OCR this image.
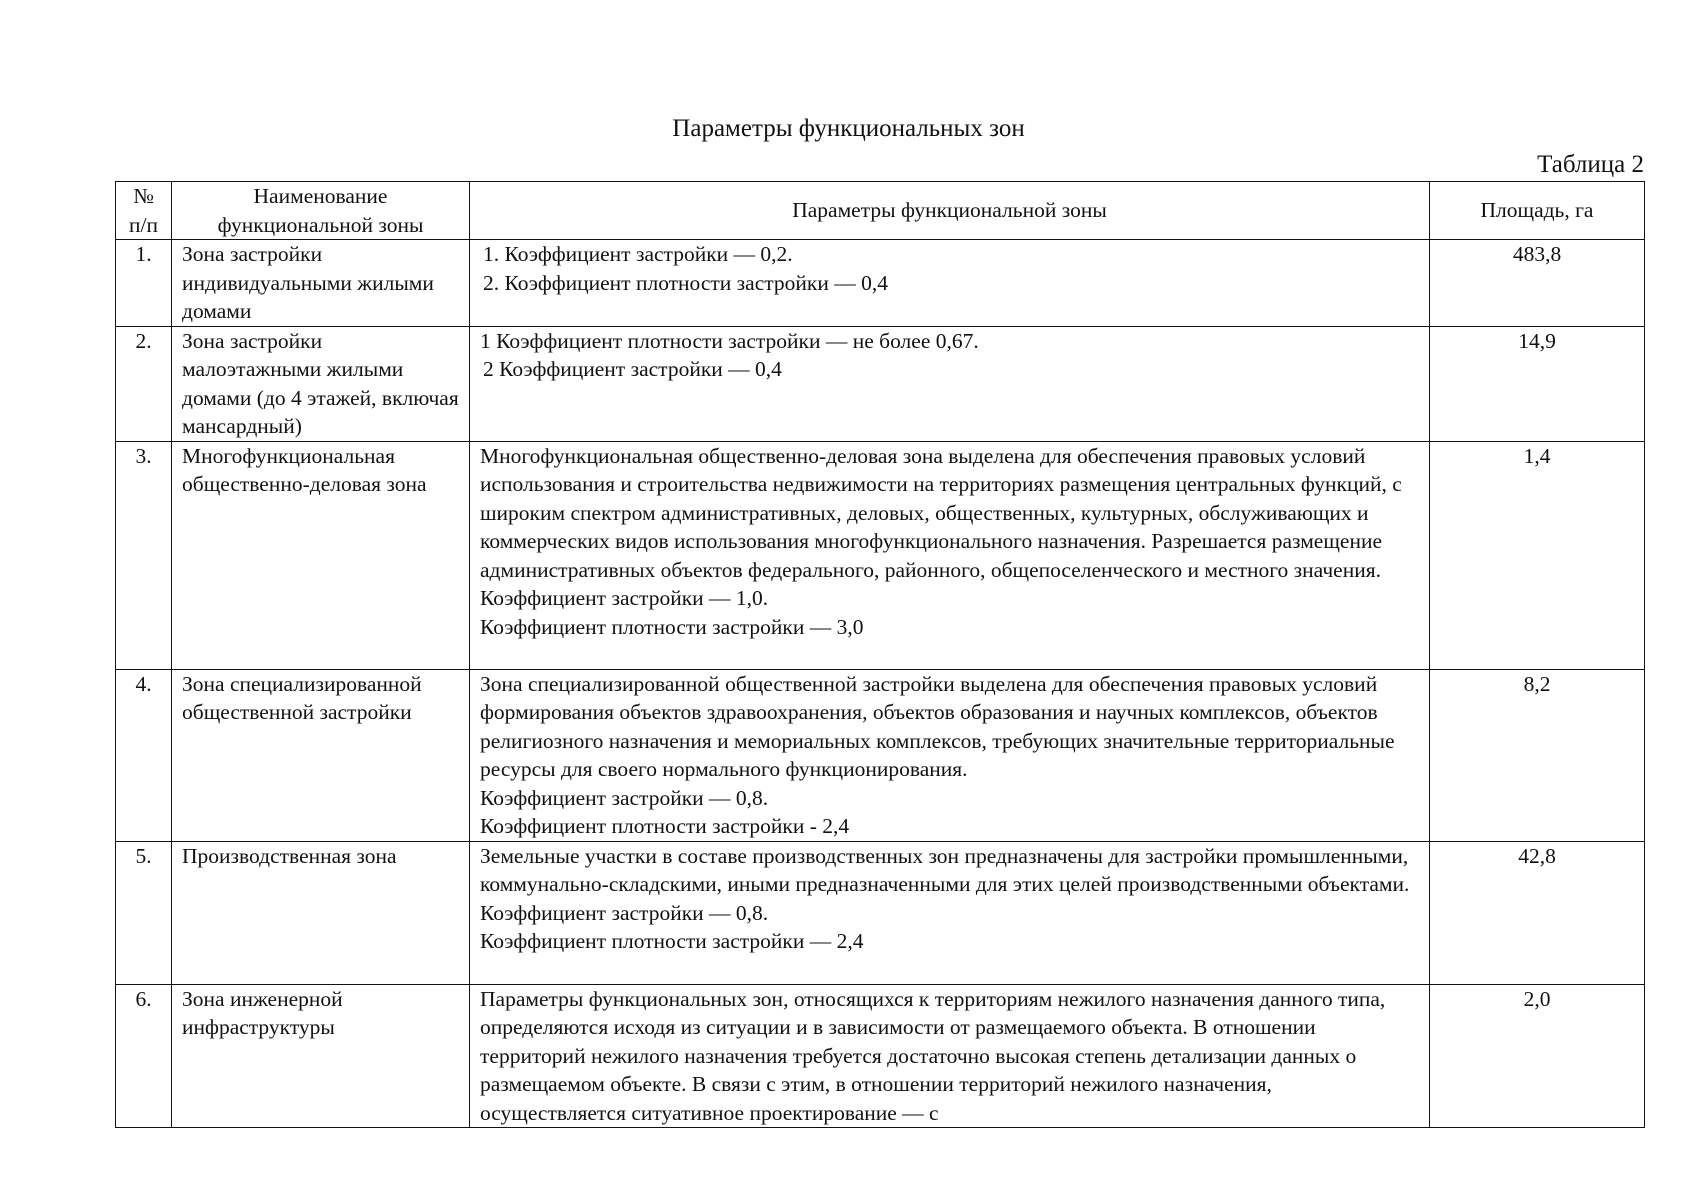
Параметры функциональных зон
Таблица 2
№
п/п	Наименование
функциональной зоны	Параметры функциональной зоны	Площадь, га
1.	Зона застройки индивидуальными жилыми домами	1. Коэффициент застройки — 0,2.
2. Коэффициент плотности застройки — 0,4	483,8
2.	Зона застройки малоэтажными жилыми домами (до 4 этажей, включая мансардный)	1 Коэффициент плотности застройки — не более 0,67.
2 Коэффициент застройки — 0,4	14,9
3.	Многофункциональная общественно-деловая зона	Многофункциональная общественно-деловая зона выделена для обеспечения правовых условий использования и строительства недвижимости на территориях размещения центральных функций, с широким спектром административных, деловых, общественных, культурных, обслуживающих и коммерческих видов использования многофункционального назначения. Разрешается размещение административных объектов федерального, районного, общепоселенческого и местного значения.
Коэффициент застройки — 1,0.
Коэффициент плотности застройки — 3,0	1,4
4.	Зона специализированной общественной застройки	Зона специализированной общественной застройки выделена для обеспечения правовых условий формирования объектов здравоохранения, объектов образования и научных комплексов, объектов религиозного назначения и мемориальных комплексов, требующих значительные территориальные ресурсы для своего нормального функционирования.
Коэффициент застройки — 0,8.
Коэффициент плотности застройки - 2,4	8,2
5.	Производственная зона	Земельные участки в составе производственных зон предназначены для застройки промышленными, коммунально-складскими, иными предназначенными для этих целей производственными объектами.
Коэффициент застройки — 0,8.
Коэффициент плотности застройки — 2,4	42,8
6.	Зона инженерной инфраструктуры	Параметры функциональных зон, относящихся к территориям нежилого назначения данного типа, определяются исходя из ситуации и в зависимости от размещаемого объекта. В отношении территорий нежилого назначения требуется достаточно высокая степень детализации данных о размещаемом объекте. В связи с этим, в отношении территорий нежилого назначения, осуществляется ситуативное проектирование — с	2,0
